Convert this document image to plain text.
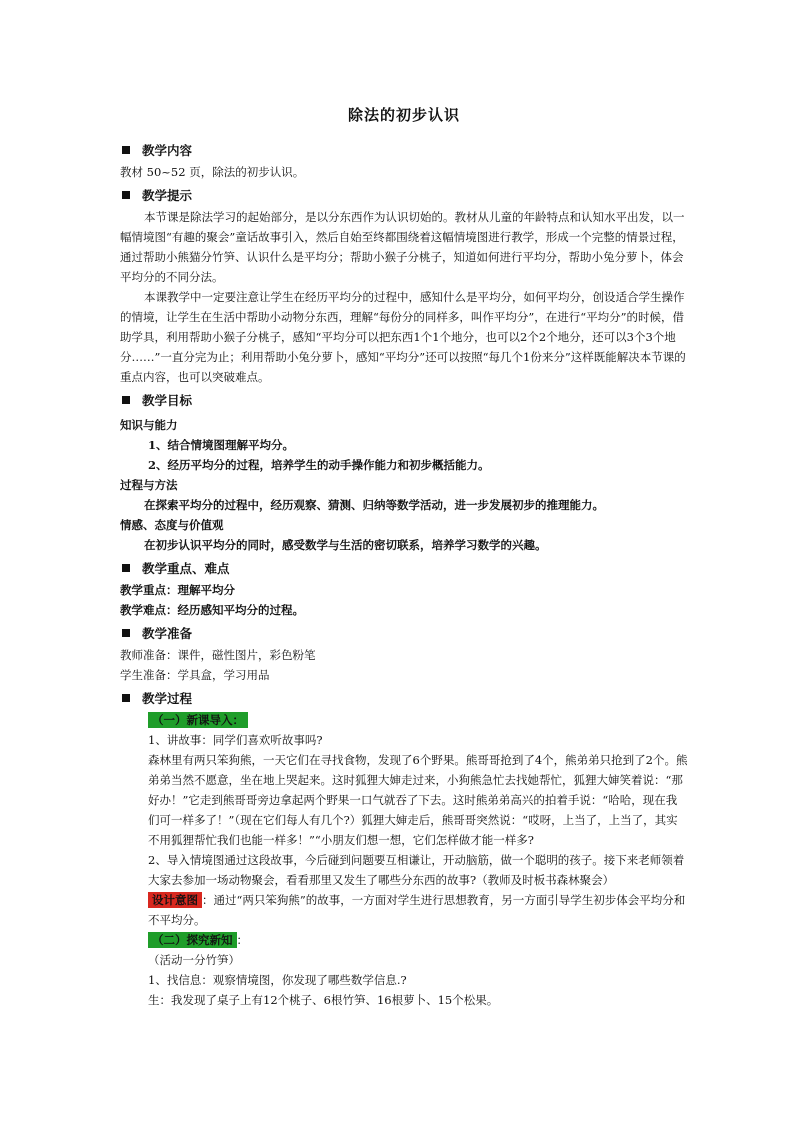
除法的初步认识
教学内容

教材 50~52 页，除法的初步认识。

教学提示

本节课是除法学习的起始部分，是以分东西作为认识切始的。教材从儿童的年龄特点和认知水平出发，以一幅情境图“有趣的聚会”童话故事引入，然后自始至终都围绕着这幅情境图进行教学，形成一个完整的情景过程，通过帮助小熊猫分竹笋、认识什么是平均分；帮助小猴子分桃子，知道如何进行平均分，帮助小兔分萝卜，体会平均分的不同分法。

本课教学中一定要注意让学生在经历平均分的过程中，感知什么是平均分，如何平均分，创设适合学生操作的情境，让学生在生活中帮助小动物分东西，理解“每份分的同样多，叫作平均分”，在进行“平均分”的时候，借助学具，利用帮助小猴子分桃子，感知“平均分可以把东西1个1个地分，也可以2个2个地分，还可以3个3个地分……”一直分完为止；利用帮助小兔分萝卜，感知“平均分”还可以按照“每几个1份来分”这样既能解决本节课的重点内容，也可以突破难点。

教学目标

知识与能力

1、结合情境图理解平均分。

2、经历平均分的过程，培养学生的动手操作能力和初步概括能力。

过程与方法

在探索平均分的过程中，经历观察、猜测、归纳等数学活动，进一步发展初步的推理能力。

情感、态度与价值观

在初步认识平均分的同时，感受数学与生活的密切联系，培养学习数学的兴趣。

教学重点、难点

教学重点：理解平均分

教学难点：经历感知平均分的过程。

教学准备

教师准备：课件，磁性图片，彩色粉笔

学生准备：学具盒，学习用品

教学过程
（一）新课导入：

1、讲故事：同学们喜欢听故事吗?

森林里有两只笨狗熊，一天它们在寻找食物，发现了6个野果。熊哥哥抢到了4个，熊弟弟只抢到了2个。熊弟弟当然不愿意，坐在地上哭起来。这时狐狸大婶走过来，小狗熊急忙去找她帮忙，狐狸大婶笑着说：“那好办！”它走到熊哥哥旁边拿起两个野果一口气就吞了下去。这时熊弟弟高兴的拍着手说：“哈哈，现在我们可一样多了！”（现在它们每人有几个?）狐狸大婶走后，熊哥哥突然说：“哎呀，上当了，上当了，其实不用狐狸帮忙我们也能一样多！”“小朋友们想一想，它们怎样做才能一样多?

2、导入情境图通过这段故事，今后碰到问题要互相谦让，开动脑筋，做一个聪明的孩子。接下来老师领着大家去参加一场动物聚会，看看那里又发生了哪些分东西的故事?（教师及时板书森林聚会）

设计意图 ：通过“两只笨狗熊”的故事，一方面对学生进行思想教育，另一方面引导学生初步体会平均分和不平均分。

（二）探究新知 ：

（活动一分竹笋）

1、找信息：观察情境图，你发现了哪些数学信息.?

生：我发现了桌子上有12个桃子、6根竹笋、16根萝卜、15个松果。
